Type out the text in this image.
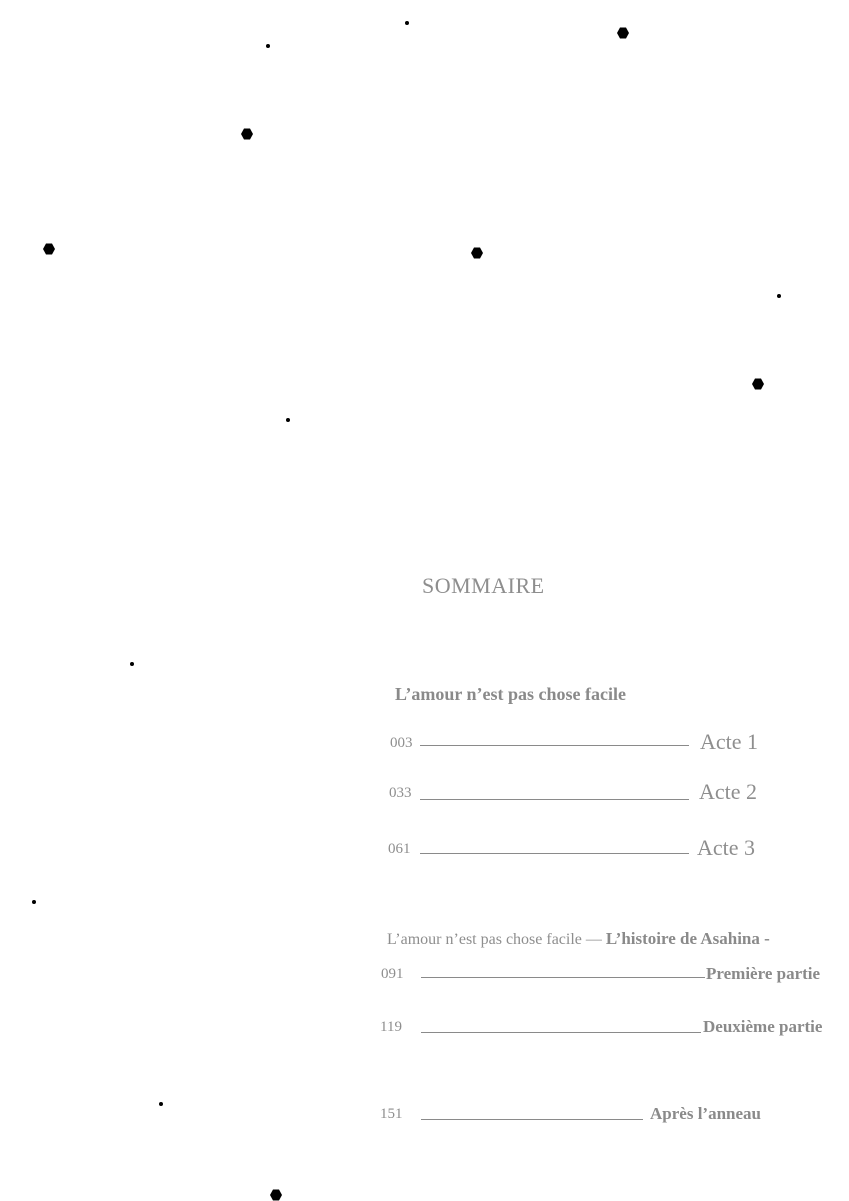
SOMMAIRE
L’amour n’est pas chose facile
003	Acte 1
033	Acte 2
061	Acte 3
L’amour n’est pas chose facile — L’histoire de Asahina -
091	Première partie
119	Deuxième partie
151	Après l’anneau
